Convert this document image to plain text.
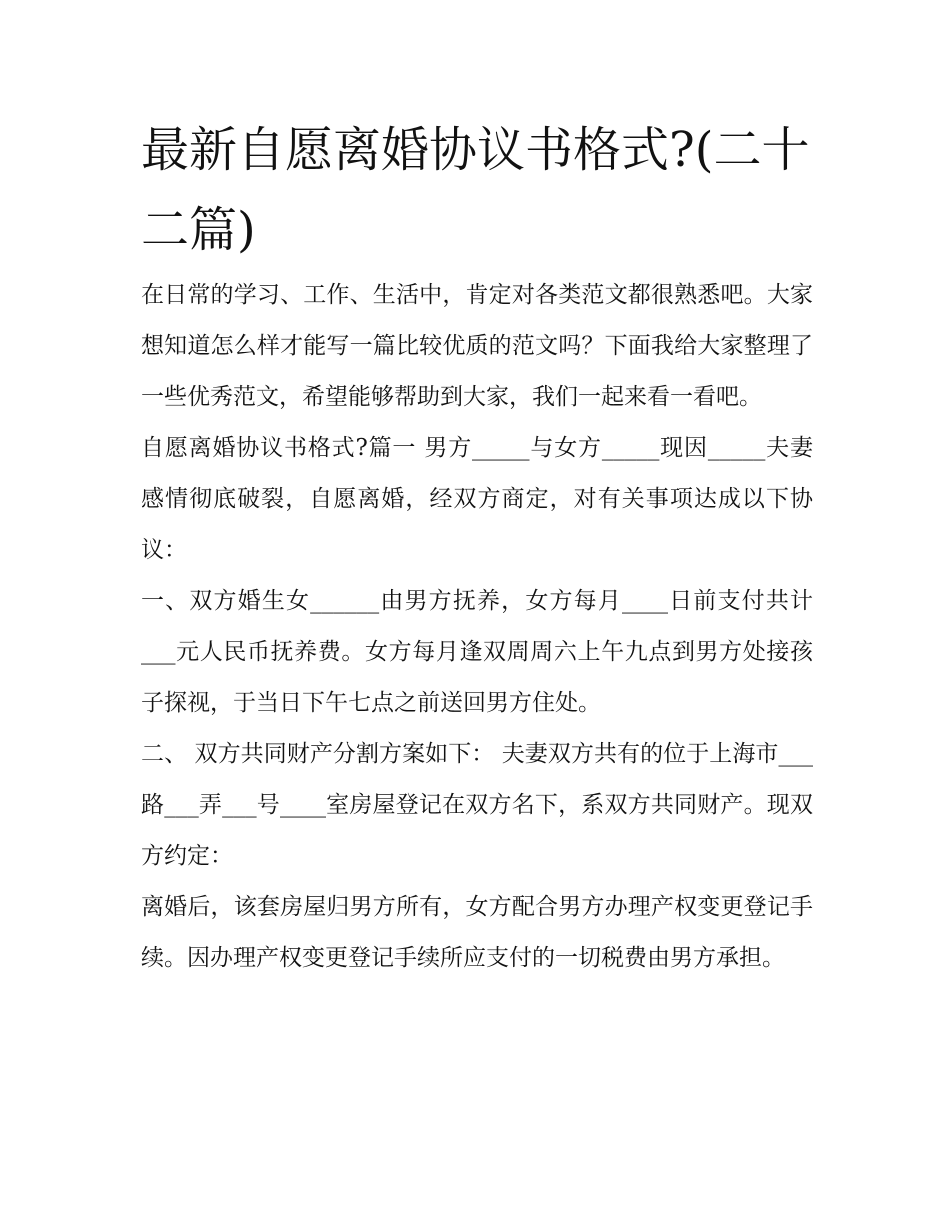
最新自愿离婚协议书格式?(二十二篇)

在日常的学习、工作、生活中，肯定对各类范文都很熟悉吧。大家想知道怎么样才能写一篇比较优质的范文吗？下面我给大家整理了一些优秀范文，希望能够帮助到大家，我们一起来看一看吧。

自愿离婚协议书格式?篇一 男方_____与女方_____现因_____夫妻感情彻底破裂，自愿离婚，经双方商定，对有关事项达成以下协议：

一、双方婚生女______由男方抚养，女方每月____日前支付共计___元人民币抚养费。女方每月逢双周周六上午九点到男方处接孩子探视，于当日下午七点之前送回男方住处。

二、 双方共同财产分割方案如下： 夫妻双方共有的位于上海市___路___弄___号____室房屋登记在双方名下，系双方共同财产。现双方约定：

离婚后，该套房屋归男方所有，女方配合男方办理产权变更登记手续。因办理产权变更登记手续所应支付的一切税费由男方承担。
